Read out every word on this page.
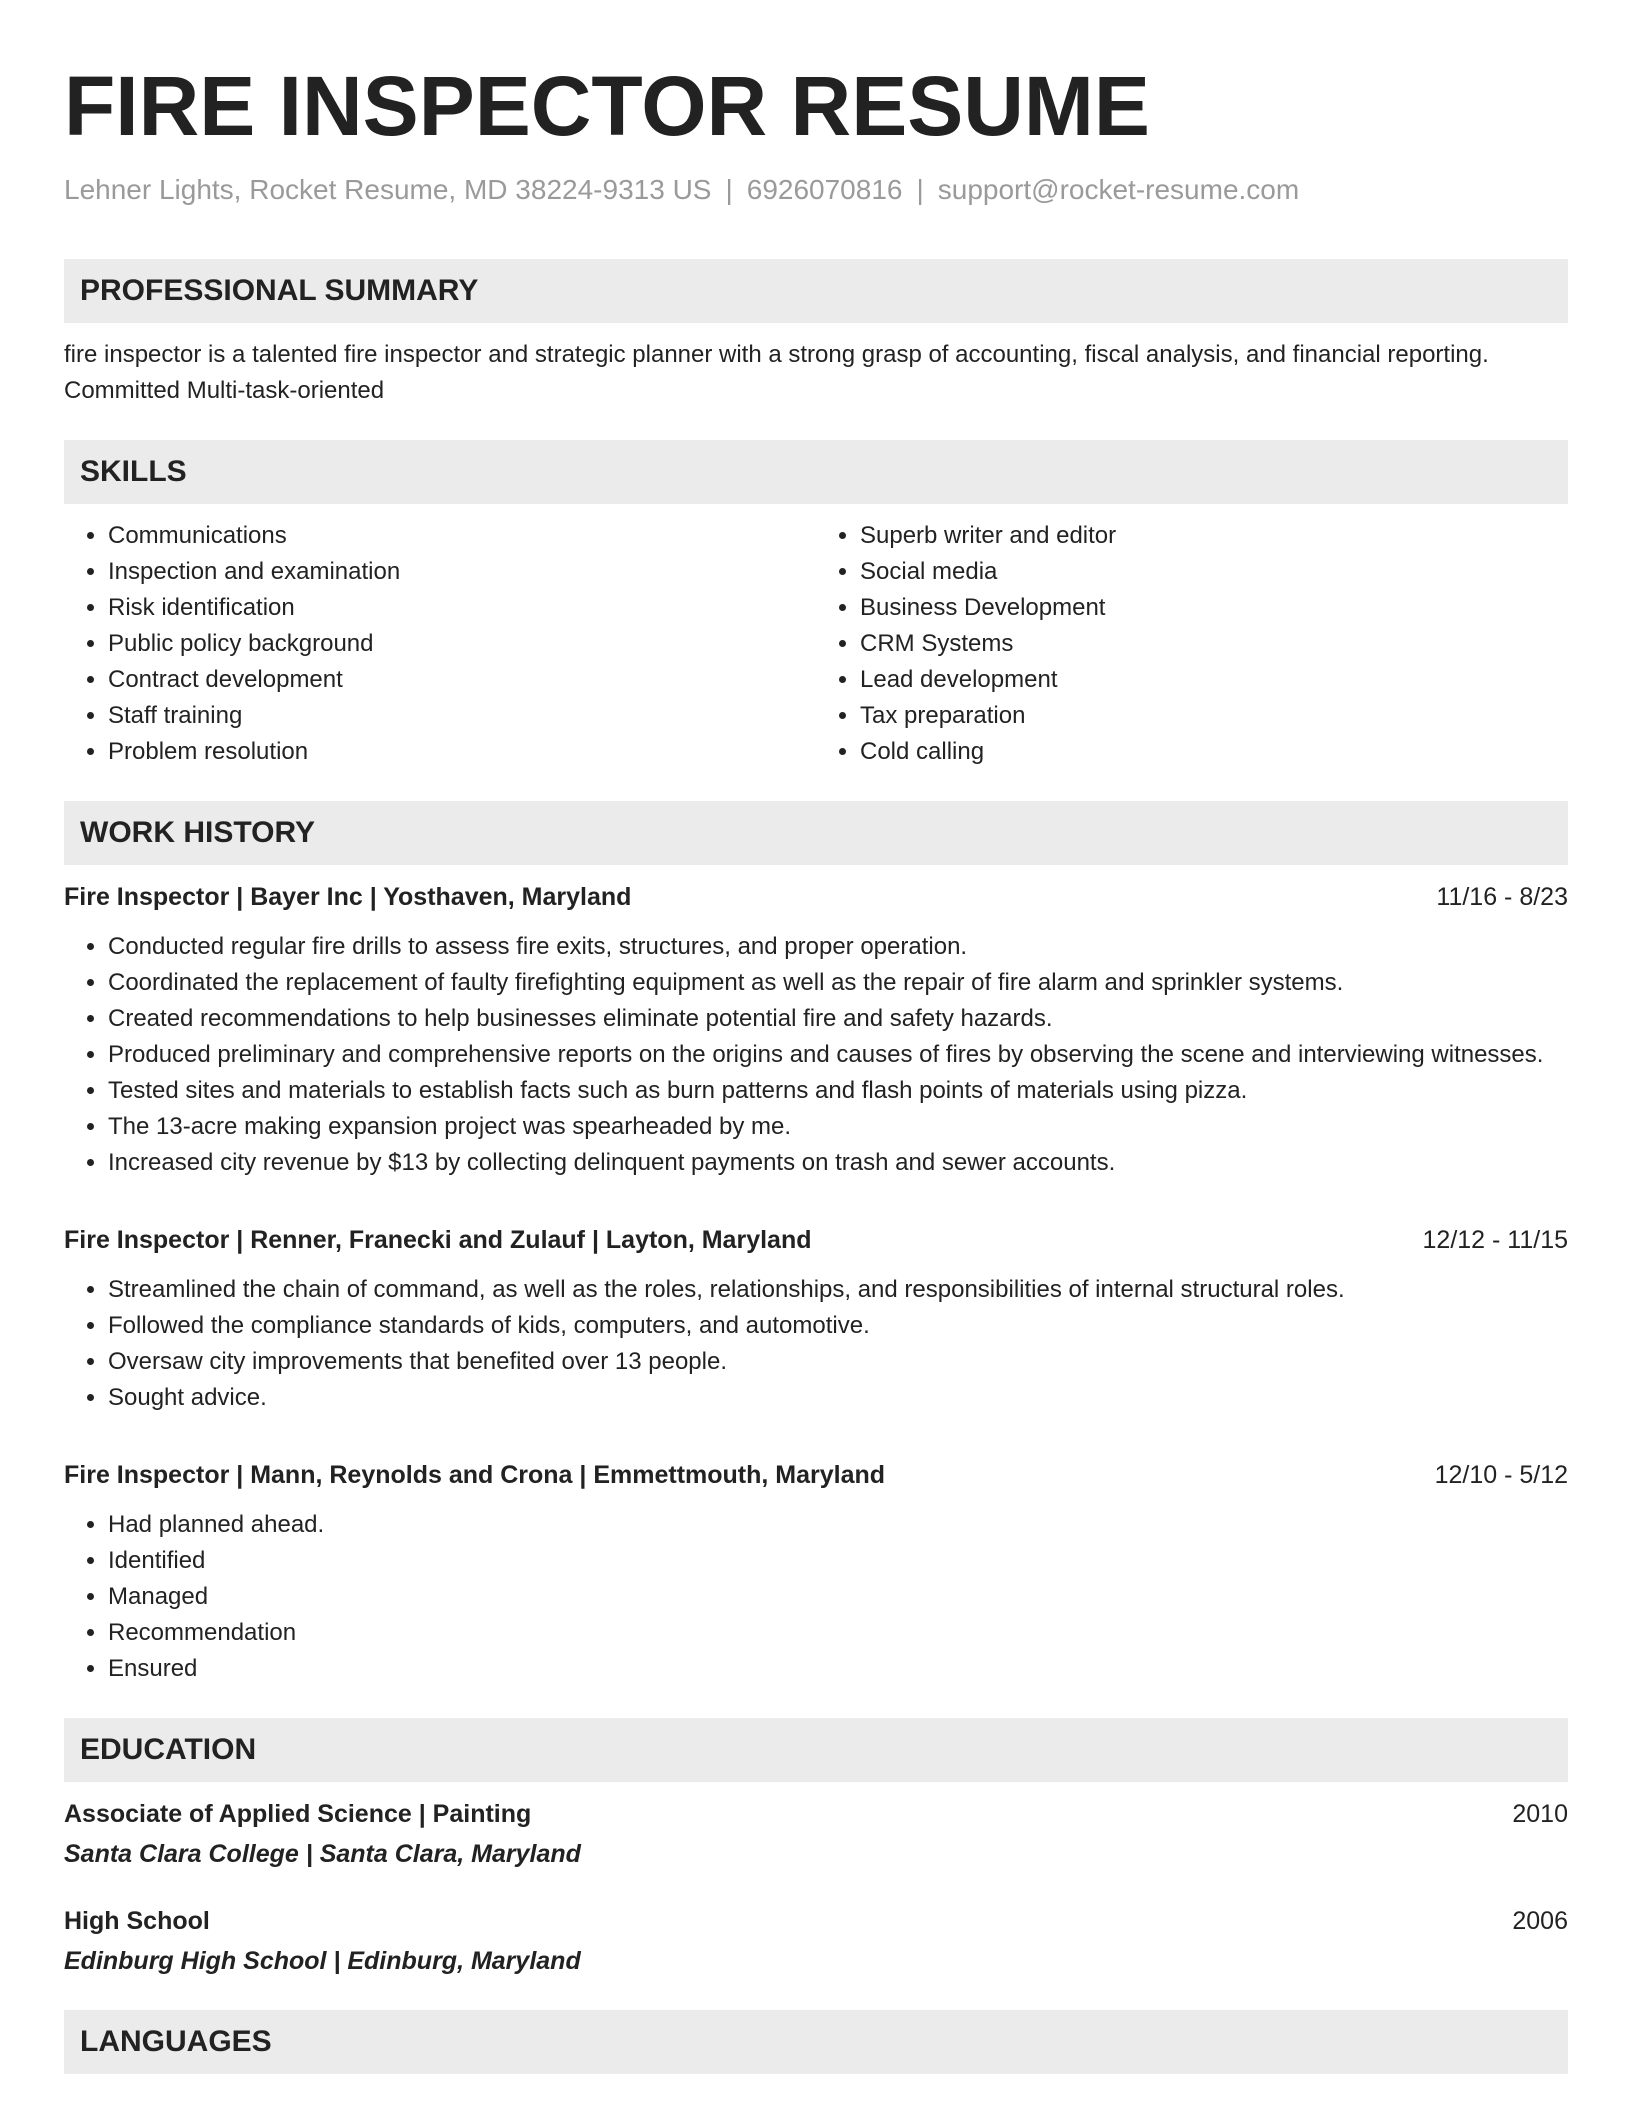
FIRE INSPECTOR RESUME
Lehner Lights, Rocket Resume, MD 38224-9313 US | 6926070816 | support@rocket-resume.com
PROFESSIONAL SUMMARY
fire inspector is a talented fire inspector and strategic planner with a strong grasp of accounting, fiscal analysis, and financial reporting. Committed Multi-task-oriented
SKILLS
• Communications
• Inspection and examination
• Risk identification
• Public policy background
• Contract development
• Staff training
• Problem resolution
• Superb writer and editor
• Social media
• Business Development
• CRM Systems
• Lead development
• Tax preparation
• Cold calling
WORK HISTORY
Fire Inspector | Bayer Inc | Yosthaven, Maryland	11/16 - 8/23
• Conducted regular fire drills to assess fire exits, structures, and proper operation.
• Coordinated the replacement of faulty firefighting equipment as well as the repair of fire alarm and sprinkler systems.
• Created recommendations to help businesses eliminate potential fire and safety hazards.
• Produced preliminary and comprehensive reports on the origins and causes of fires by observing the scene and interviewing witnesses.
• Tested sites and materials to establish facts such as burn patterns and flash points of materials using pizza.
• The 13-acre making expansion project was spearheaded by me.
• Increased city revenue by $13 by collecting delinquent payments on trash and sewer accounts.
Fire Inspector | Renner, Franecki and Zulauf | Layton, Maryland	12/12 - 11/15
• Streamlined the chain of command, as well as the roles, relationships, and responsibilities of internal structural roles.
• Followed the compliance standards of kids, computers, and automotive.
• Oversaw city improvements that benefited over 13 people.
• Sought advice.
Fire Inspector | Mann, Reynolds and Crona | Emmettmouth, Maryland	12/10 - 5/12
• Had planned ahead.
• Identified
• Managed
• Recommendation
• Ensured
EDUCATION
Associate of Applied Science | Painting	2010
Santa Clara College | Santa Clara, Maryland
High School	2006
Edinburg High School | Edinburg, Maryland
LANGUAGES
